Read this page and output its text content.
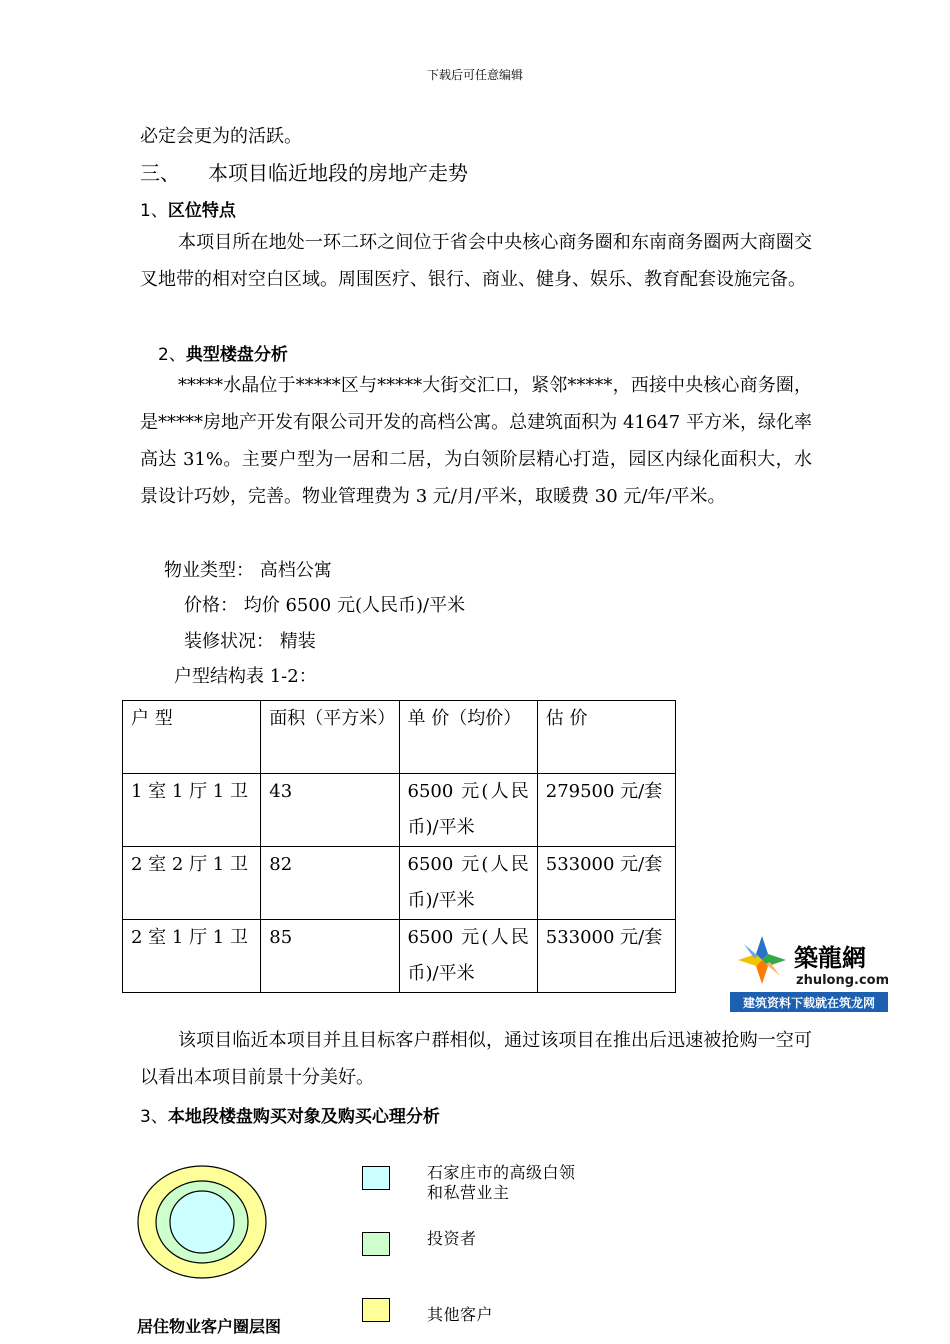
下载后可任意编辑
必定会更为的活跃。
三、 本项目临近地段的房地产走势
1、区位特点
本项目所在地处一环二环之间位于省会中央核心商务圈和东南商务圈两大商圈交叉地带的相对空白区域。周围医疗、银行、商业、健身、娱乐、教育配套设施完备。
2、典型楼盘分析
*****水晶位于*****区与*****大街交汇口，紧邻*****，西接中央核心商务圈，是*****房地产开发有限公司开发的高档公寓。总建筑面积为 41647 平方米，绿化率高达 31%。主要户型为一居和二居，为白领阶层精心打造，园区内绿化面积大，水景设计巧妙，完善。物业管理费为 3 元/月/平米，取暖费 30 元/年/平米。
物业类型： 高档公寓
价格： 均价 6500 元(人民币)/平米
装修状况： 精装
户型结构表 1-2：
户 型	面积（平方米）	单 价（均价）	估 价
1 室 1 厅 1 卫	43	6500 元(人民币)/平米	279500 元/套
2 室 2 厅 1 卫	82	6500 元(人民币)/平米	533000 元/套
2 室 1 厅 1 卫	85	6500 元(人民币)/平米	533000 元/套
築龍網
zhulong.com
建筑资料下载就在筑龙网
该项目临近本项目并且目标客户群相似，通过该项目在推出后迅速被抢购一空可以看出本项目前景十分美好。
3、本地段楼盘购买对象及购买心理分析
石家庄市的高级白领和私营业主
投资者
其他客户
居住物业客户圈层图
